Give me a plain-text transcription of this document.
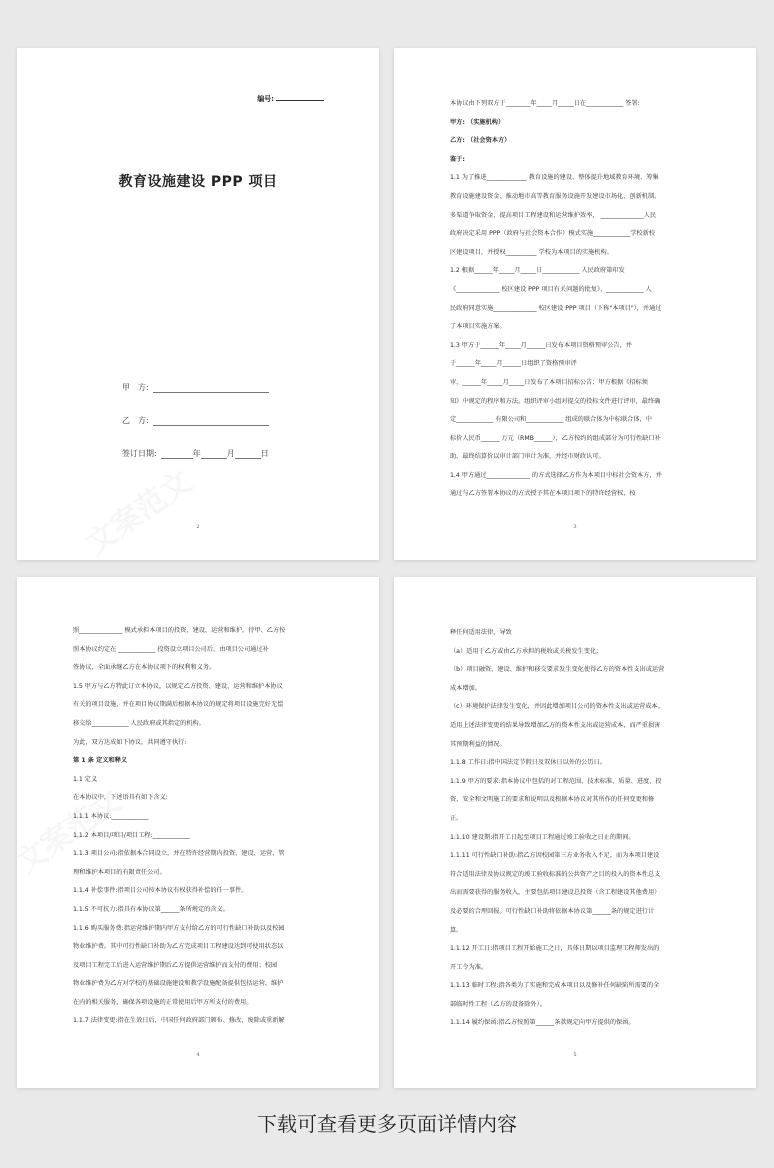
编号:
教育设施建设 PPP 项目
甲　方:
乙　方:
签订日期:	年	月	日
2

本协议由下列双方于________年_____月_____日在____________ 签署:

甲方: （实施机构）

乙方: （社会资本方）

鉴于:

1.1 为了推进_____________ 教育设施的建设、整体提升地域教育环境、筹集

教育设施建设资金、推动地市高等教育服务设施开发建设市场化、创新机制、

多渠道争取资金、提高项目工程建设和运营维护效率， ______________人民

政府决定采用 PPP（政府与社会资本合作）模式实施____________学校新校

区建设项目，并授权__________ 学校为本项目的实施机构。

1.2 根据______年_____月_____日____________ 人民政府第印发

《______________ 校区建设 PPP 项目有关问题的批复》，____________ 人

民政府同意实施______________ 校区建设 PPP 项目（下称"本项目"），并通过

了本项目实施方案。

1.3 甲方于______年_____月______日发布本项目资格预审公告，并

于______年_____月______日组织了资格预审评

审，______年_____月_____日发布了本项目招标公告；甲方根据《招标须

知》中规定的程序和方法，组织评审小组对提交的投标文件进行评审，最终确

定____________ 有限公司和____________ 组成的联合体为中标联合体，中

标价人民币______ 万元（RMB______），乙方按约的组成部分为可行性缺口补

助，最终结算价以审计部门审计为准，并经市财政认可。

1.4 甲方通过______________ 的方式选择乙方作为本项目中标社会资本方，并

通过与乙方签署本协议的方式授予其在本项目项下的特许经营权，按

3

照______________ 模式承担本项目的投资、建设、运营和维护。待甲、乙方按

照本协议约定在 ____________ 投资设立项目公司后，由项目公司通过补

签协议，全面承继乙方在本协议项下的权利和义务。

1.5 甲方与乙方特此订立本协议，以规定乙方投资、建设、运营和维护本协议

有关的项目设施，并在项目协议期满后根据本协议的规定将项目设施完好无偿

移交给____________ 人民政府或其指定的机构。

为此，双方达成如下协议，共同遵守执行:

第 1 条 定义和释义

1.1 定义

在本协议中，下述语具有如下含义:

1.1.1 本协议:____________

1.1.2 本项目/项目/项目工程:____________

1.1.3 项目公司:指依据本合同设立，并在特许经营期内投资、建设、运营、管

理和维护本项目的有限责任公司。

1.1.4 补偿事件:指项目公司按本协议有权获得补偿的任一事件。

1.1.5 不可抗力:指具有本协议第______条所规定的含义。

1.1.6 购买服务费:指运营维护期内甲方支付给乙方的可行性缺口补助以及校园

物业维护费。其中可行性缺口补助为乙方完成项目工程建设达到可使用状态以

及项目工程完工后进入运营维护期后乙方提供运营维护而支付的费用；校园

物业维护费为乙方对学校的基础设施建设和教学设施配备提供包括运营、维护

在内的相关服务，确保各项设施的正常使用后甲方所支付的费用。

1.1.7 法律变更:指在生效日后，中国任何政府部门颁布、修改、废除或重新解

4

释任何适用法律，导致

（a）适用于乙方或由乙方承担的税收或关税发生变化;

（b）项目融资、建设、维护和移交要求发生变化使得乙方的资本性支出或运营

成本增加。

（c）环境保护法律发生变化，并因此增加项目公司的资本性支出或运营成本。

适用上述法律变更的结果导致增加乙方的资本性支出或运营成本，而严重损害

其预期利益的情况。

1.1.8 工作日:指中国法定节假日及双休日以外的公历日。

1.1.9 甲方的要求:指本协议中包括的对工程范围、技术标准、质量、进度、投

资、安全和文明施工的要求和说明以及根据本协议对其所作的任何变更和修

正。

1.1.10 建设期:指开工日起至项目工程通过竣工验收之日止的期间。

1.1.11 可行性缺口补助:指乙方因校园第三方业务收入不足，而为本项目建设

符合适用法律及协议规定的竣工验收标准的公共资产之目的投入的资本性总支

出而需要获得的服务收入，主要包括项目建设总投资（含工程建设其他费用）

及必要的合理回报。可行性缺口补助将依据本协议第______条的规定进行计

算。

1.1.12 开工日:指项目工程开始施工之日，具体日期以项目监理工程师发出的

开工令为准。

1.1.13 临时工程:指各类为了实施和完成本项目以及修补任何缺陷所需要的全

部临时性工程（乙方的设备除外）。

1.1.14 履约保函:指乙方按照第______条款规定向甲方提供的保函。

5
下载可查看更多页面详情内容
